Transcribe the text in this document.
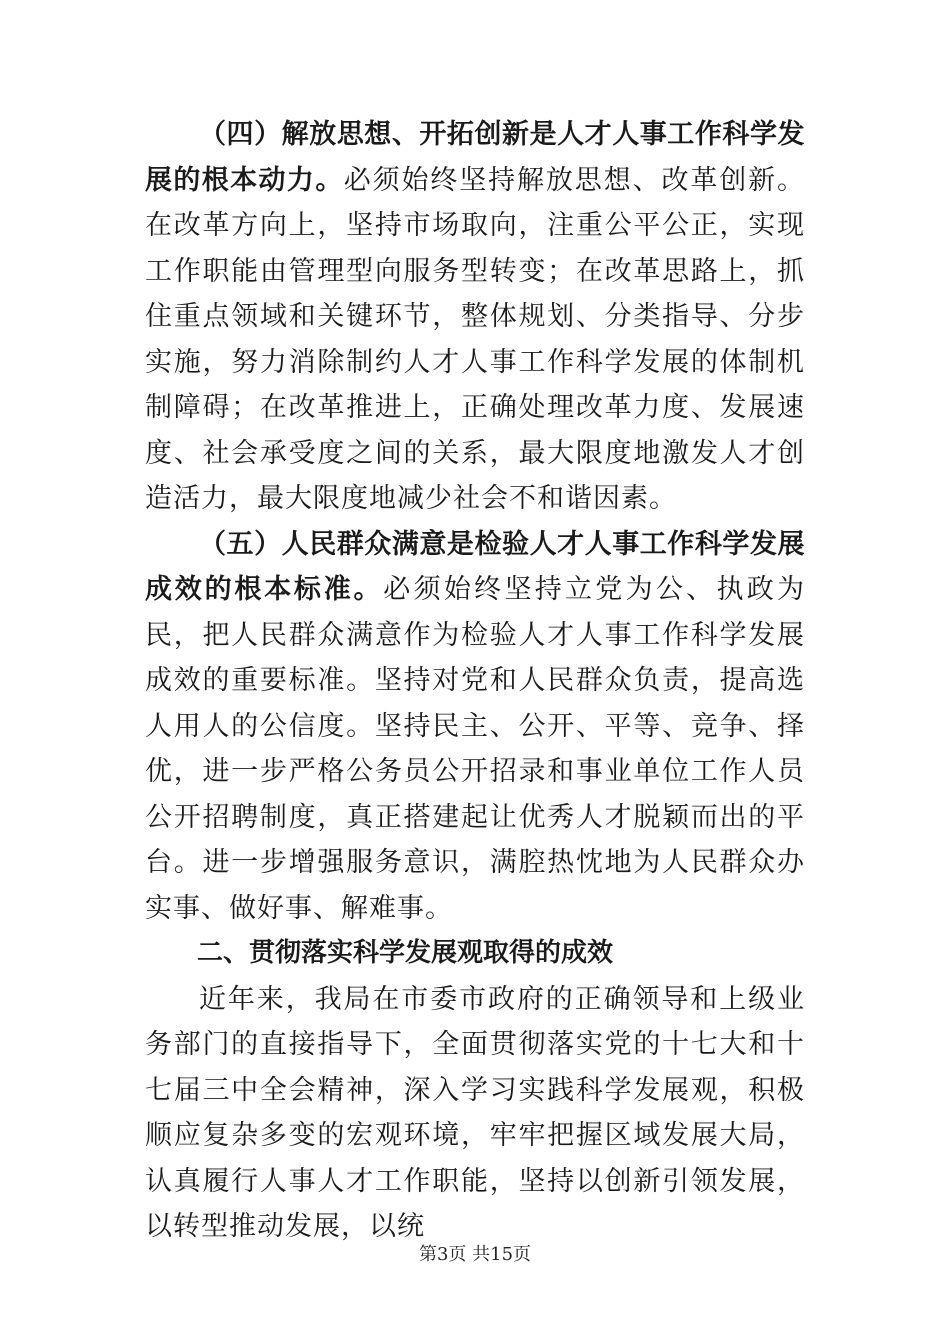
（四）解放思想、开拓创新是人才人事工作科学发展的根本动力。必须始终坚持解放思想、改革创新。在改革方向上，坚持市场取向，注重公平公正，实现工作职能由管理型向服务型转变；在改革思路上，抓住重点领域和关键环节，整体规划、分类指导、分步实施，努力消除制约人才人事工作科学发展的体制机制障碍；在改革推进上，正确处理改革力度、发展速度、社会承受度之间的关系，最大限度地激发人才创造活力，最大限度地减少社会不和谐因素。

（五）人民群众满意是检验人才人事工作科学发展成效的根本标准。必须始终坚持立党为公、执政为民，把人民群众满意作为检验人才人事工作科学发展成效的重要标准。坚持对党和人民群众负责，提高选人用人的公信度。坚持民主、公开、平等、竞争、择优，进一步严格公务员公开招录和事业单位工作人员公开招聘制度，真正搭建起让优秀人才脱颖而出的平台。进一步增强服务意识，满腔热忱地为人民群众办实事、做好事、解难事。

二、贯彻落实科学发展观取得的成效

近年来，我局在市委市政府的正确领导和上级业务部门的直接指导下，全面贯彻落实党的十七大和十七届三中全会精神，深入学习实践科学发展观，积极顺应复杂多变的宏观环境，牢牢把握区域发展大局，认真履行人事人才工作职能，坚持以创新引领发展，以转型推动发展，以统

第3页 共15页
